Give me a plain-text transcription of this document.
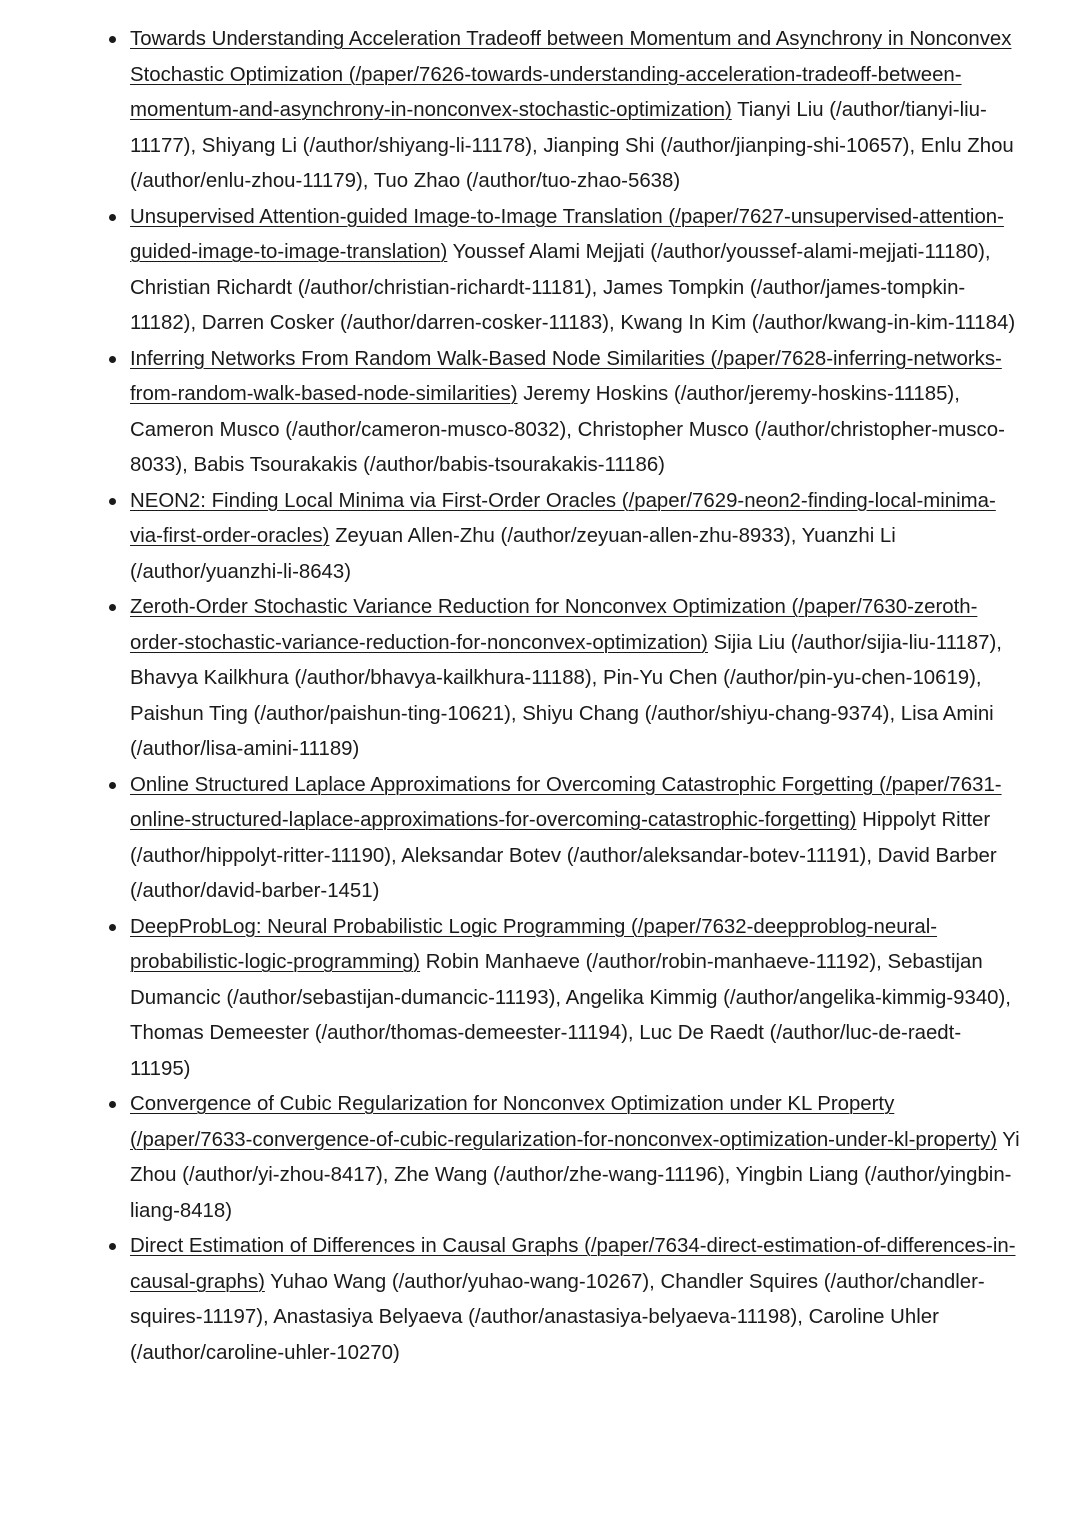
Towards Understanding Acceleration Tradeoff between Momentum and Asynchrony in Nonconvex Stochastic Optimization (/paper/7626-towards-understanding-acceleration-tradeoff-between-momentum-and-asynchrony-in-nonconvex-stochastic-optimization) Tianyi Liu (/author/tianyi-liu-11177), Shiyang Li (/author/shiyang-li-11178), Jianping Shi (/author/jianping-shi-10657), Enlu Zhou (/author/enlu-zhou-11179), Tuo Zhao (/author/tuo-zhao-5638)
Unsupervised Attention-guided Image-to-Image Translation (/paper/7627-unsupervised-attention-guided-image-to-image-translation) Youssef Alami Mejjati (/author/youssef-alami-mejjati-11180), Christian Richardt (/author/christian-richardt-11181), James Tompkin (/author/james-tompkin-11182), Darren Cosker (/author/darren-cosker-11183), Kwang In Kim (/author/kwang-in-kim-11184)
Inferring Networks From Random Walk-Based Node Similarities (/paper/7628-inferring-networks-from-random-walk-based-node-similarities) Jeremy Hoskins (/author/jeremy-hoskins-11185), Cameron Musco (/author/cameron-musco-8032), Christopher Musco (/author/christopher-musco-8033), Babis Tsourakakis (/author/babis-tsourakakis-11186)
NEON2: Finding Local Minima via First-Order Oracles (/paper/7629-neon2-finding-local-minima-via-first-order-oracles) Zeyuan Allen-Zhu (/author/zeyuan-allen-zhu-8933), Yuanzhi Li (/author/yuanzhi-li-8643)
Zeroth-Order Stochastic Variance Reduction for Nonconvex Optimization (/paper/7630-zeroth-order-stochastic-variance-reduction-for-nonconvex-optimization) Sijia Liu (/author/sijia-liu-11187), Bhavya Kailkhura (/author/bhavya-kailkhura-11188), Pin-Yu Chen (/author/pin-yu-chen-10619), Paishun Ting (/author/paishun-ting-10621), Shiyu Chang (/author/shiyu-chang-9374), Lisa Amini (/author/lisa-amini-11189)
Online Structured Laplace Approximations for Overcoming Catastrophic Forgetting (/paper/7631-online-structured-laplace-approximations-for-overcoming-catastrophic-forgetting) Hippolyt Ritter (/author/hippolyt-ritter-11190), Aleksandar Botev (/author/aleksandar-botev-11191), David Barber (/author/david-barber-1451)
DeepProbLog: Neural Probabilistic Logic Programming (/paper/7632-deepproblog-neural-probabilistic-logic-programming) Robin Manhaeve (/author/robin-manhaeve-11192), Sebastijan Dumancic (/author/sebastijan-dumancic-11193), Angelika Kimmig (/author/angelika-kimmig-9340), Thomas Demeester (/author/thomas-demeester-11194), Luc De Raedt (/author/luc-de-raedt-11195)
Convergence of Cubic Regularization for Nonconvex Optimization under KL Property (/paper/7633-convergence-of-cubic-regularization-for-nonconvex-optimization-under-kl-property) Yi Zhou (/author/yi-zhou-8417), Zhe Wang (/author/zhe-wang-11196), Yingbin Liang (/author/yingbin-liang-8418)
Direct Estimation of Differences in Causal Graphs (/paper/7634-direct-estimation-of-differences-in-causal-graphs) Yuhao Wang (/author/yuhao-wang-10267), Chandler Squires (/author/chandler-squires-11197), Anastasiya Belyaeva (/author/anastasiya-belyaeva-11198), Caroline Uhler (/author/caroline-uhler-10270)
